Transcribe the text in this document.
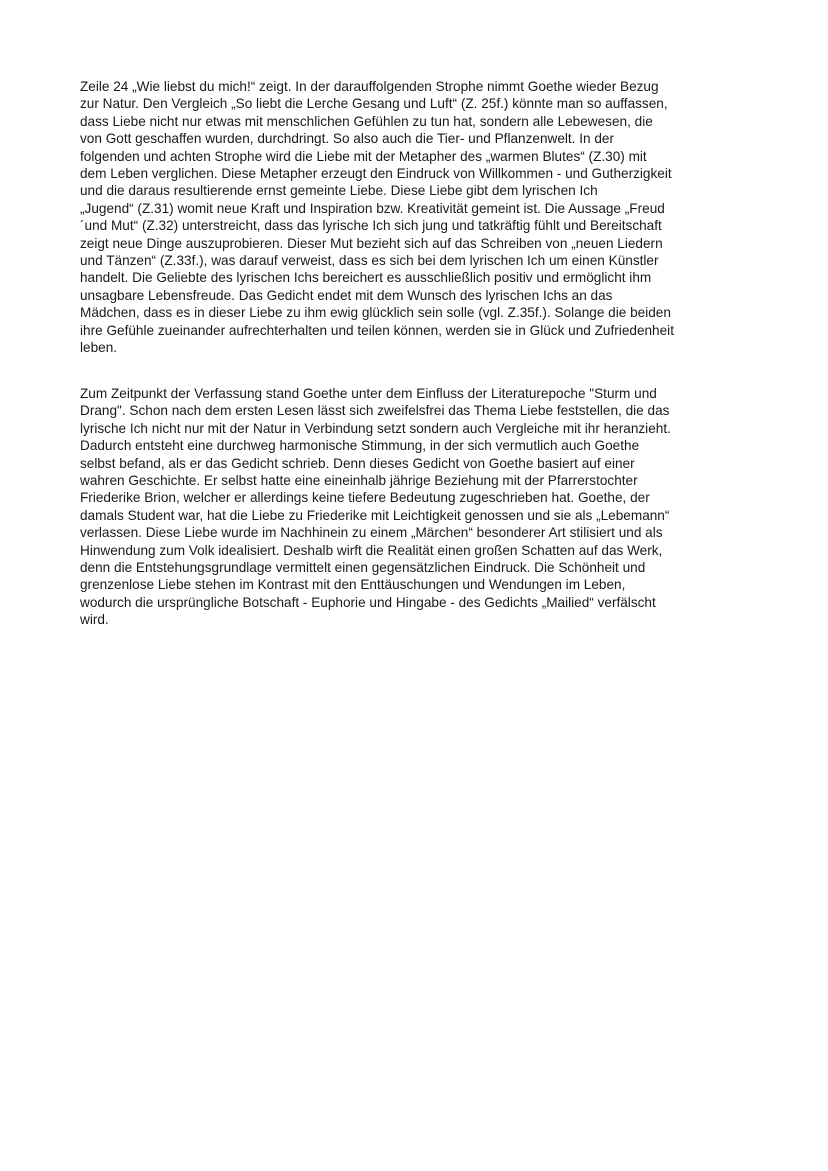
Zeile 24 „Wie liebst du mich!“ zeigt. In der darauffolgenden Strophe nimmt Goethe wieder Bezug
zur Natur. Den Vergleich „So liebt die Lerche Gesang und Luft“ (Z. 25f.) könnte man so auffassen,
dass Liebe nicht nur etwas mit menschlichen Gefühlen zu tun hat, sondern alle Lebewesen, die
von Gott geschaffen wurden, durchdringt. So also auch die Tier- und Pflanzenwelt. In der
folgenden und achten Strophe wird die Liebe mit der Metapher des „warmen Blutes“ (Z.30) mit
dem Leben verglichen. Diese Metapher erzeugt den Eindruck von Willkommen - und Gutherzigkeit
und die daraus resultierende ernst gemeinte Liebe. Diese Liebe gibt dem lyrischen Ich
„Jugend“ (Z.31) womit neue Kraft und Inspiration bzw. Kreativität gemeint ist. Die Aussage „Freud
´und Mut“ (Z.32) unterstreicht, dass das lyrische Ich sich jung und tatkräftig fühlt und Bereitschaft
zeigt neue Dinge auszuprobieren. Dieser Mut bezieht sich auf das Schreiben von „neuen Liedern
und Tänzen“ (Z.33f.), was darauf verweist, dass es sich bei dem lyrischen Ich um einen Künstler
handelt. Die Geliebte des lyrischen Ichs bereichert es ausschließlich positiv und ermöglicht ihm
unsagbare Lebensfreude. Das Gedicht endet mit dem Wunsch des lyrischen Ichs an das
Mädchen, dass es in dieser Liebe zu ihm ewig glücklich sein solle (vgl. Z.35f.). Solange die beiden
ihre Gefühle zueinander aufrechterhalten und teilen können, werden sie in Glück und Zufriedenheit
leben.

Zum Zeitpunkt der Verfassung stand Goethe unter dem Einfluss der Literaturepoche "Sturm und
Drang". Schon nach dem ersten Lesen lässt sich zweifelsfrei das Thema Liebe feststellen, die das
lyrische Ich nicht nur mit der Natur in Verbindung setzt sondern auch Vergleiche mit ihr heranzieht.
Dadurch entsteht eine durchweg harmonische Stimmung, in der sich vermutlich auch Goethe
selbst befand, als er das Gedicht schrieb. Denn dieses Gedicht von Goethe basiert auf einer
wahren Geschichte. Er selbst hatte eine eineinhalb jährige Beziehung mit der Pfarrerstochter
Friederike Brion, welcher er allerdings keine tiefere Bedeutung zugeschrieben hat. Goethe, der
damals Student war, hat die Liebe zu Friederike mit Leichtigkeit genossen und sie als „Lebemann“
verlassen. Diese Liebe wurde im Nachhinein zu einem „Märchen“ besonderer Art stilisiert und als
Hinwendung zum Volk idealisiert. Deshalb wirft die Realität einen großen Schatten auf das Werk,
denn die Entstehungsgrundlage vermittelt einen gegensätzlichen Eindruck. Die Schönheit und
grenzenlose Liebe stehen im Kontrast mit den Enttäuschungen und Wendungen im Leben,
wodurch die ursprüngliche Botschaft - Euphorie und Hingabe - des Gedichts „Mailied“ verfälscht
wird.
